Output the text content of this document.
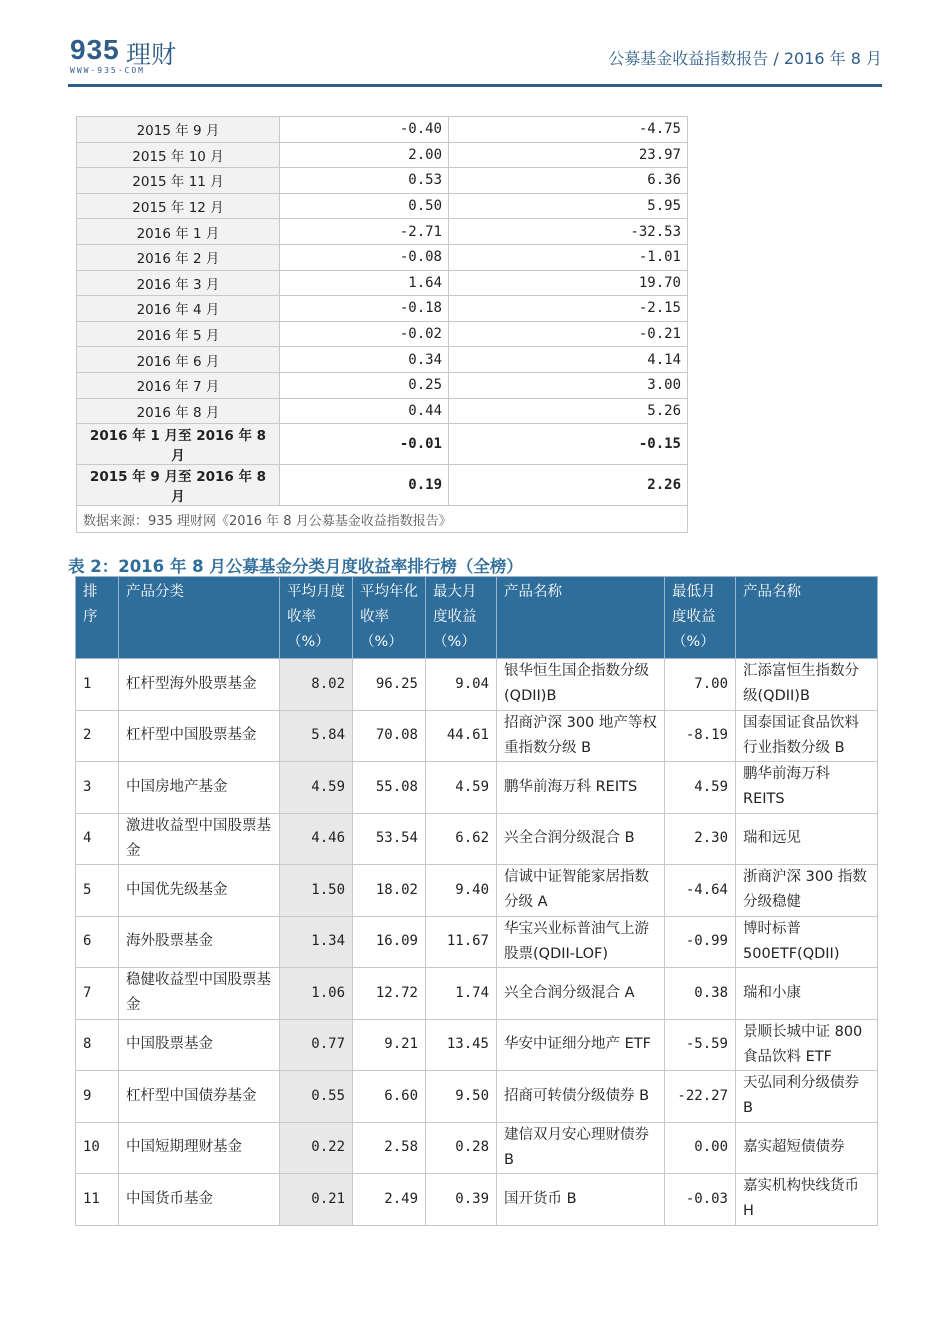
935 理财
WWW·935·COM
公募基金收益指数报告 / 2016 年 8 月
2015 年 9 月	-0.40	-4.75
2015 年 10 月	2.00	23.97
2015 年 11 月	0.53	6.36
2015 年 12 月	0.50	5.95
2016 年 1 月	-2.71	-32.53
2016 年 2 月	-0.08	-1.01
2016 年 3 月	1.64	19.70
2016 年 4 月	-0.18	-2.15
2016 年 5 月	-0.02	-0.21
2016 年 6 月	0.34	4.14
2016 年 7 月	0.25	3.00
2016 年 8 月	0.44	5.26
2016 年 1 月至 2016 年 8 月	-0.01	-0.15
2015 年 9 月至 2016 年 8 月	0.19	2.26
数据来源：935 理财网《2016 年 8 月公募基金收益指数报告》		
表 2：2016 年 8 月公募基金分类月度收益率排行榜（全榜）
排序	产品分类	平均月度收率（%）	平均年化收率（%）	最大月度收益（%）	产品名称	最低月度收益（%）	产品名称
1	杠杆型海外股票基金	8.02	96.25	9.04	银华恒生国企指数分级(QDII)B	7.00	汇添富恒生指数分级(QDII)B
2	杠杆型中国股票基金	5.84	70.08	44.61	招商沪深 300 地产等权重指数分级 B	-8.19	国泰国证食品饮料行业指数分级 B
3	中国房地产基金	4.59	55.08	4.59	鹏华前海万科 REITS	4.59	鹏华前海万科 REITS
4	激进收益型中国股票基金	4.46	53.54	6.62	兴全合润分级混合 B	2.30	瑞和远见
5	中国优先级基金	1.50	18.02	9.40	信诚中证智能家居指数分级 A	-4.64	浙商沪深 300 指数分级稳健
6	海外股票基金	1.34	16.09	11.67	华宝兴业标普油气上游股票(QDII-LOF)	-0.99	博时标普 500ETF(QDII)
7	稳健收益型中国股票基金	1.06	12.72	1.74	兴全合润分级混合 A	0.38	瑞和小康
8	中国股票基金	0.77	9.21	13.45	华安中证细分地产 ETF	-5.59	景顺长城中证 800 食品饮料 ETF
9	杠杆型中国债券基金	0.55	6.60	9.50	招商可转债分级债券 B	-22.27	天弘同利分级债券 B
10	中国短期理财基金	0.22	2.58	0.28	建信双月安心理财债券 B	0.00	嘉实超短债债券
11	中国货币基金	0.21	2.49	0.39	国开货币 B	-0.03	嘉实机构快线货币 H
